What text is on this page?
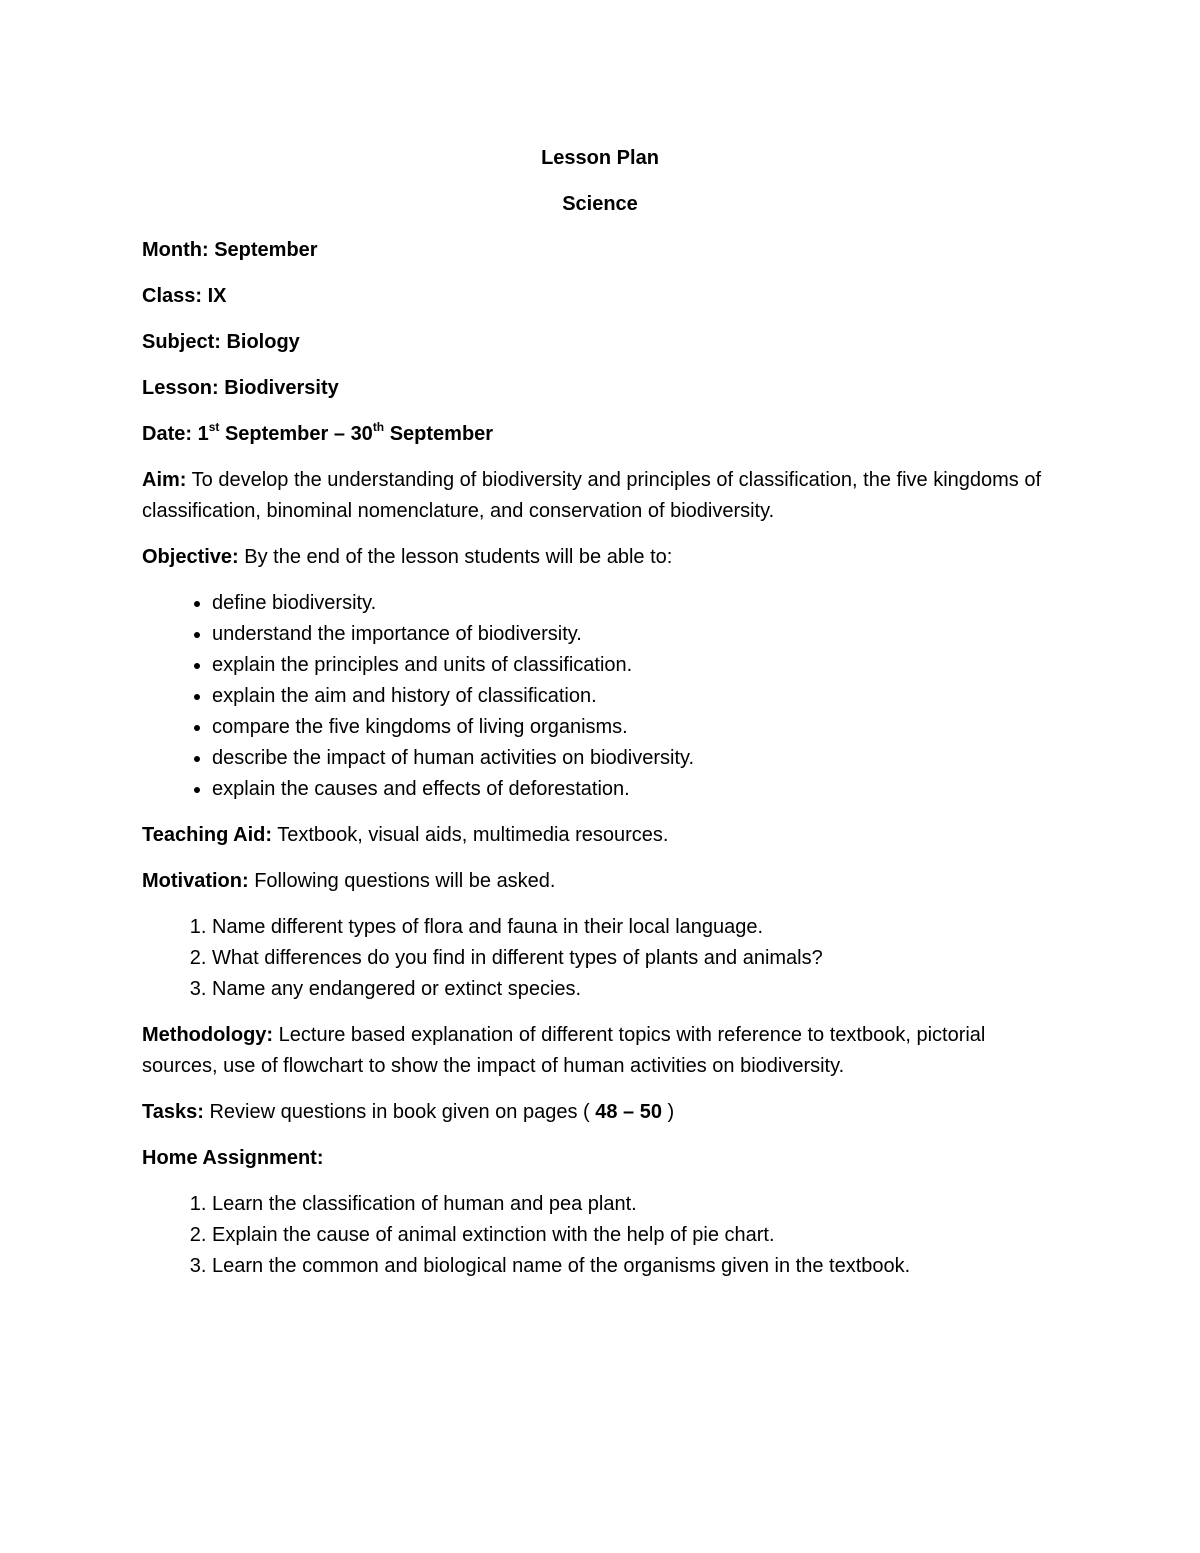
Lesson Plan
Science

Month: September

Class: IX

Subject: Biology

Lesson: Biodiversity

Date: 1st September – 30th September

Aim: To develop the understanding of biodiversity and principles of classification, the five kingdoms of classification, binominal nomenclature, and conservation of biodiversity.

Objective: By the end of the lesson students will be able to:

• define biodiversity.
• understand the importance of biodiversity.
• explain the principles and units of classification.
• explain the aim and history of classification.
• compare the five kingdoms of living organisms.
• describe the impact of human activities on biodiversity.
• explain the causes and effects of deforestation.

Teaching Aid: Textbook, visual aids, multimedia resources.

Motivation: Following questions will be asked.

1. Name different types of flora and fauna in their local language.
2. What differences do you find in different types of plants and animals?
3. Name any endangered or extinct species.

Methodology: Lecture based explanation of different topics with reference to textbook, pictorial sources, use of flowchart to show the impact of human activities on biodiversity.

Tasks: Review questions in book given on pages ( 48 – 50 )

Home Assignment:

1. Learn the classification of human and pea plant.
2. Explain the cause of animal extinction with the help of pie chart.
3. Learn the common and biological name of the organisms given in the textbook.
